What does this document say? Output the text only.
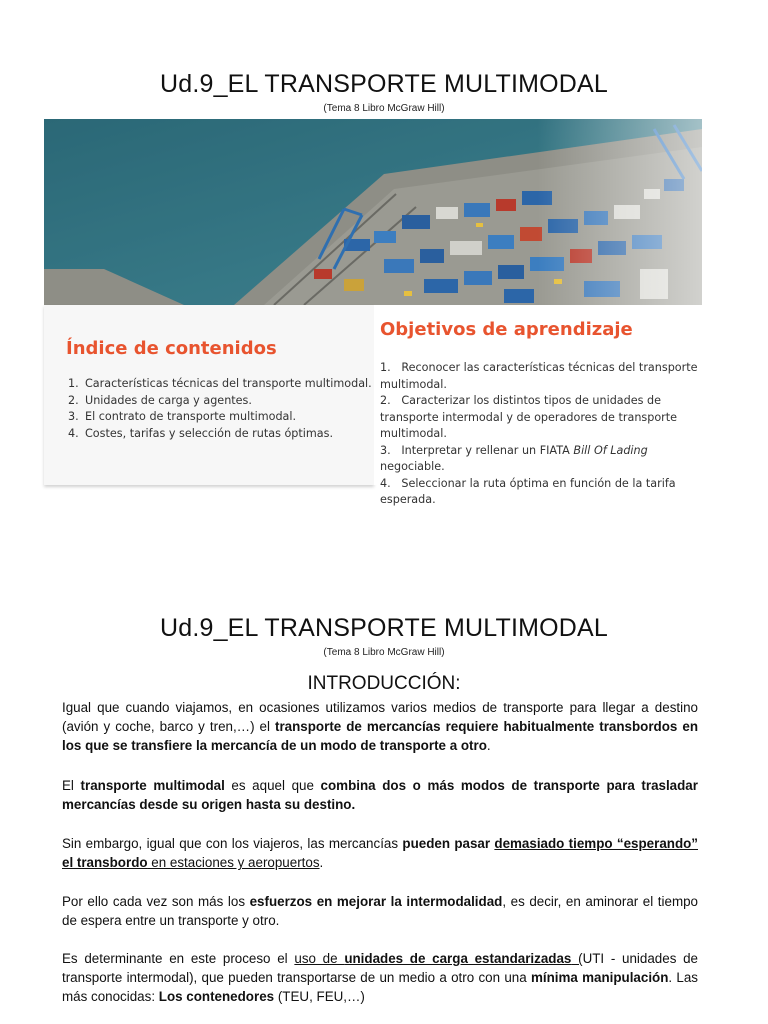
Ud.9_EL TRANSPORTE MULTIMODAL
(Tema 8 Libro McGraw Hill)
Índice de contenidos
1. Características técnicas del transporte multimodal.
2. Unidades de carga y agentes.
3. El contrato de transporte multimodal.
4. Costes, tarifas y selección de rutas óptimas.
Objetivos de aprendizaje
1.   Reconocer las características técnicas del transporte multimodal.
2.   Caracterizar los distintos tipos de unidades de transporte intermodal y de operadores de transporte multimodal.
3.   Interpretar y rellenar un FIATA Bill Of Lading negociable.
4.   Seleccionar la ruta óptima en función de la tarifa esperada.
Ud.9_EL TRANSPORTE MULTIMODAL
(Tema 8 Libro McGraw Hill)
INTRODUCCIÓN:

Igual que cuando viajamos, en ocasiones utilizamos varios medios de transporte para llegar a destino (avión y coche, barco y tren,…) el transporte de mercancías requiere habitualmente transbordos en los que se transfiere la mercancía de un modo de transporte a otro.

El transporte multimodal es aquel que combina dos o más modos de transporte para trasladar mercancías desde su origen hasta su destino.

Sin embargo, igual que con los viajeros, las mercancías pueden pasar demasiado tiempo “esperando” el transbordo en estaciones y aeropuertos.

Por ello cada vez son más los esfuerzos en mejorar la intermodalidad, es decir, en aminorar el tiempo de espera entre un transporte y otro.

Es determinante en este proceso el uso de unidades de carga estandarizadas (UTI - unidades de transporte intermodal), que pueden transportarse de un medio a otro con una mínima manipulación. Las más conocidas: Los contenedores (TEU, FEU,…)
